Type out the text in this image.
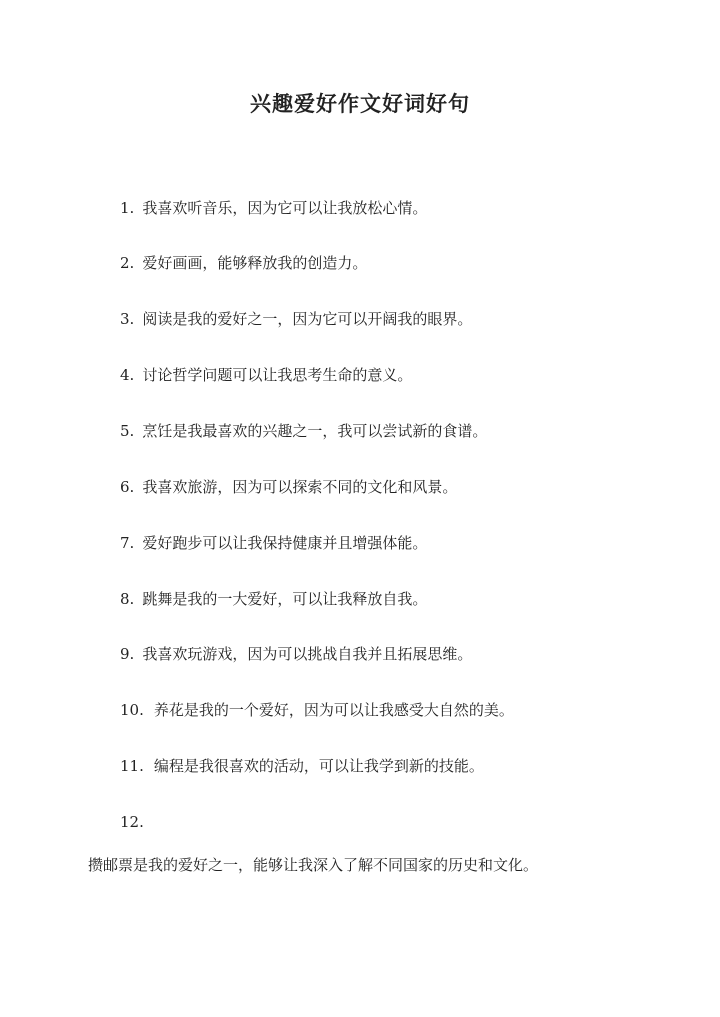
兴趣爱好作文好词好句
1. 我喜欢听音乐，因为它可以让我放松心情。
2. 爱好画画，能够释放我的创造力。
3. 阅读是我的爱好之一，因为它可以开阔我的眼界。
4. 讨论哲学问题可以让我思考生命的意义。
5. 烹饪是我最喜欢的兴趣之一，我可以尝试新的食谱。
6. 我喜欢旅游，因为可以探索不同的文化和风景。
7. 爱好跑步可以让我保持健康并且增强体能。
8. 跳舞是我的一大爱好，可以让我释放自我。
9. 我喜欢玩游戏，因为可以挑战自我并且拓展思维。
10. 养花是我的一个爱好，因为可以让我感受大自然的美。
11. 编程是我很喜欢的活动，可以让我学到新的技能。
12.
攒邮票是我的爱好之一，能够让我深入了解不同国家的历史和文化。
